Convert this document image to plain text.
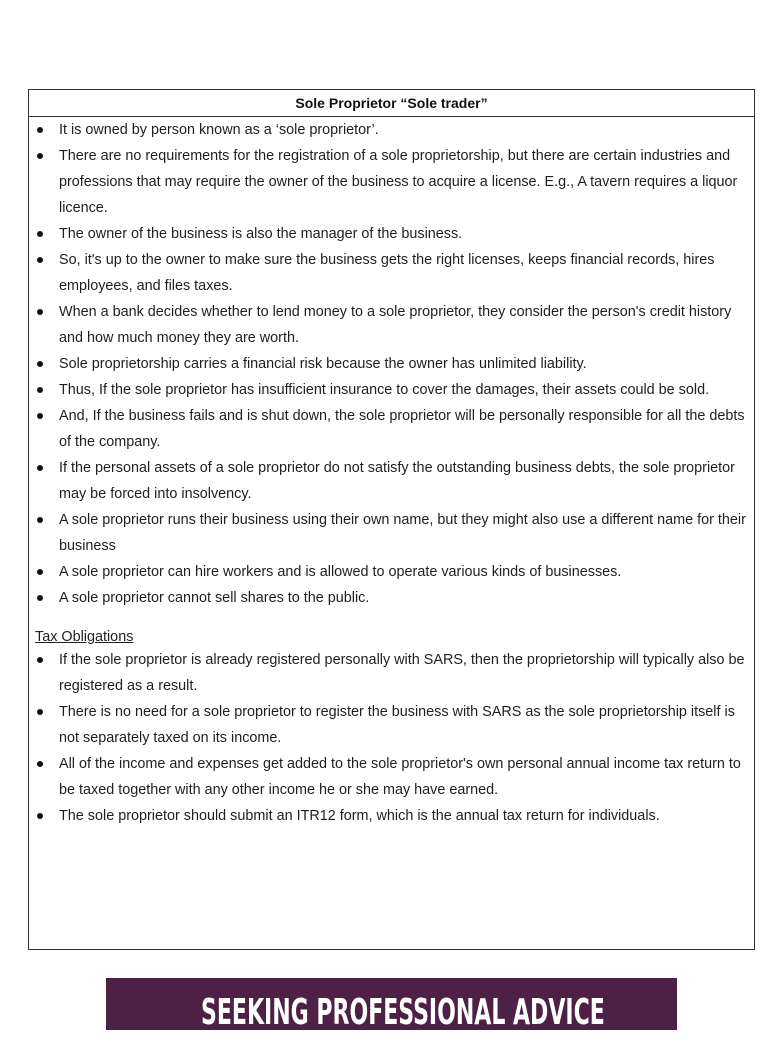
Sole Proprietor “Sole trader”
It is owned by person known as a ‘sole proprietor’.
There are no requirements for the registration of a sole proprietorship, but there are certain industries and professions that may require the owner of the business to acquire a license. E.g., A tavern requires a liquor licence.
The owner of the business is also the manager of the business.
So, it's up to the owner to make sure the business gets the right licenses, keeps financial records, hires employees, and files taxes.
When a bank decides whether to lend money to a sole proprietor, they consider the person's credit history and how much money they are worth.
Sole proprietorship carries a financial risk because the owner has unlimited liability.
Thus, If the sole proprietor has insufficient insurance to cover the damages, their assets could be sold.
And, If the business fails and is shut down, the sole proprietor will be personally responsible for all the debts of the company.
If the personal assets of a sole proprietor do not satisfy the outstanding business debts, the sole proprietor may be forced into insolvency.
A sole proprietor runs their business using their own name, but they might also use a different name for their business
A sole proprietor can hire workers and is allowed to operate various kinds of businesses.
A sole proprietor cannot sell shares to the public.
Tax Obligations
If the sole proprietor is already registered personally with SARS, then the proprietorship will typically also be registered as a result.
There is no need for a sole proprietor to register the business with SARS as the sole proprietorship itself is not separately taxed on its income.
All of the income and expenses get added to the sole proprietor's own personal annual income tax return to be taxed together with any other income he or she may have earned.
The sole proprietor should submit an ITR12 form, which is the annual tax return for individuals.
SEEKING PROFESSIONAL ADVICE
